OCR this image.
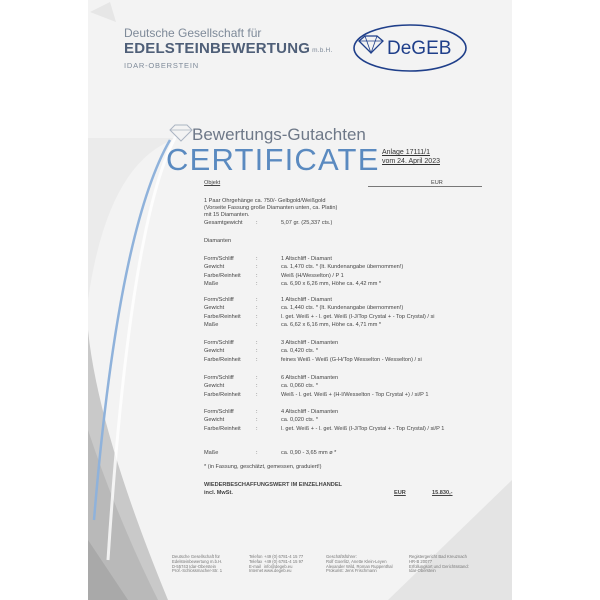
Deutsche Gesellschaft für
EDELSTEINBEWERTUNG m.b.H.
IDAR-OBERSTEIN
DeGEB
Bewertungs-Gutachten
CERTIFICATE Anlage 17111/1
vom 24. April 2023
Objekt	EUR
1 Paar Ohrgehänge ca. 750/- Gelbgold/Weißgold
(Vorseite Fassung große Diamanten unten, ca. Platin)
mit 15 Diamanten.
Gesamtgewicht :	5,07 gr. (25,337 cts.)
Diamanten
Form/Schliff	:	1 Altschliff - Diamant
Gewicht	:	ca. 1,470 cts. * (lt. Kundenangabe übernommen!)
Farbe/Reinheit	:	Weiß (H/Wesselton) / P 1
Maße	:	ca. 6,90 x 6,26 mm, Höhe ca. 4,42 mm *
Form/Schliff	:	1 Altschliff - Diamant
Gewicht	:	ca. 1,440 cts. * (lt. Kundenangabe übernommen!)
Farbe/Reinheit	:	l. get. Weiß + - l. get. Weiß (I-J/Top Crystal + - Top Crystal) / si
Maße	:	ca. 6,62 x 6,16 mm, Höhe ca. 4,71 mm *
Form/Schliff	:	3 Altschliff - Diamanten
Gewicht	:	ca. 0,420 cts. *
Farbe/Reinheit	:	feines Weiß - Weiß (G-H/Top Wesselton - Wesselton) / si
Form/Schliff	:	6 Altschliff - Diamanten
Gewicht	:	ca. 0,060 cts. *
Farbe/Reinheit	:	Weiß - l. get. Weiß + (H-I/Wesselton - Top Crystal +) / si/P 1
Form/Schliff	:	4 Altschliff - Diamanten
Gewicht	:	ca. 0,020 cts. *
Farbe/Reinheit	:	l. get. Weiß + - l. get. Weiß (I-J/Top Crystal + - Top Crystal) / si/P 1
Maße	:	ca. 0,90 - 3,65 mm ø *
* (in Fassung, geschätzt, gemessen, graduiert!)
WIEDERBESCHAFFUNGSWERT IM EINZELHANDEL
incl. MwSt.	EUR	15.830,-
Deutsche Gesellschaft für
Edelsteinbewertung m.b.H.
D-55743 Idar-Oberstein
Prof.-Schlossmacher-Str. 1
Telefon
Telefax
E-mail
Internet
+49 (0) 6781-4 15 77
+49 (0) 6781-4 15 97
info@degeb.eu
www.degeb.eu
Geschäftsführer:
Rolf Goerlitz, Anette Klein-Leyen
Alexander Wild, Roman Ruppenthal
Prokurist: Jens Frischmann
Registergericht Bad Kreuznach
HR-B 20077
Erfüllungsort und Gerichtsstand:
Idar-Oberstein
